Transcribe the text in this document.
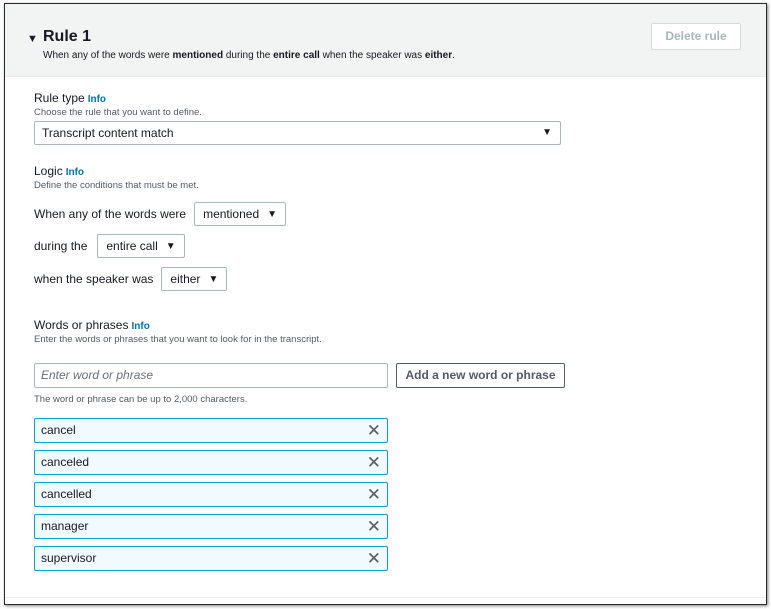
▼ Rule 1
When any of the words were mentioned during the entire call when the speaker was either.
Delete rule
Rule type Info
Choose the rule that you want to define.
Transcript content match	▼
Logic Info
Define the conditions that must be met.
When any of the words were mentioned ▼
during the entire call ▼
when the speaker was either ▼
Words or phrases Info
Enter the words or phrases that you want to look for in the transcript.
Enter word or phrase	Add a new word or phrase
The word or phrase can be up to 2,000 characters.
cancel	✕
canceled	✕
cancelled	✕
manager	✕
supervisor	✕
